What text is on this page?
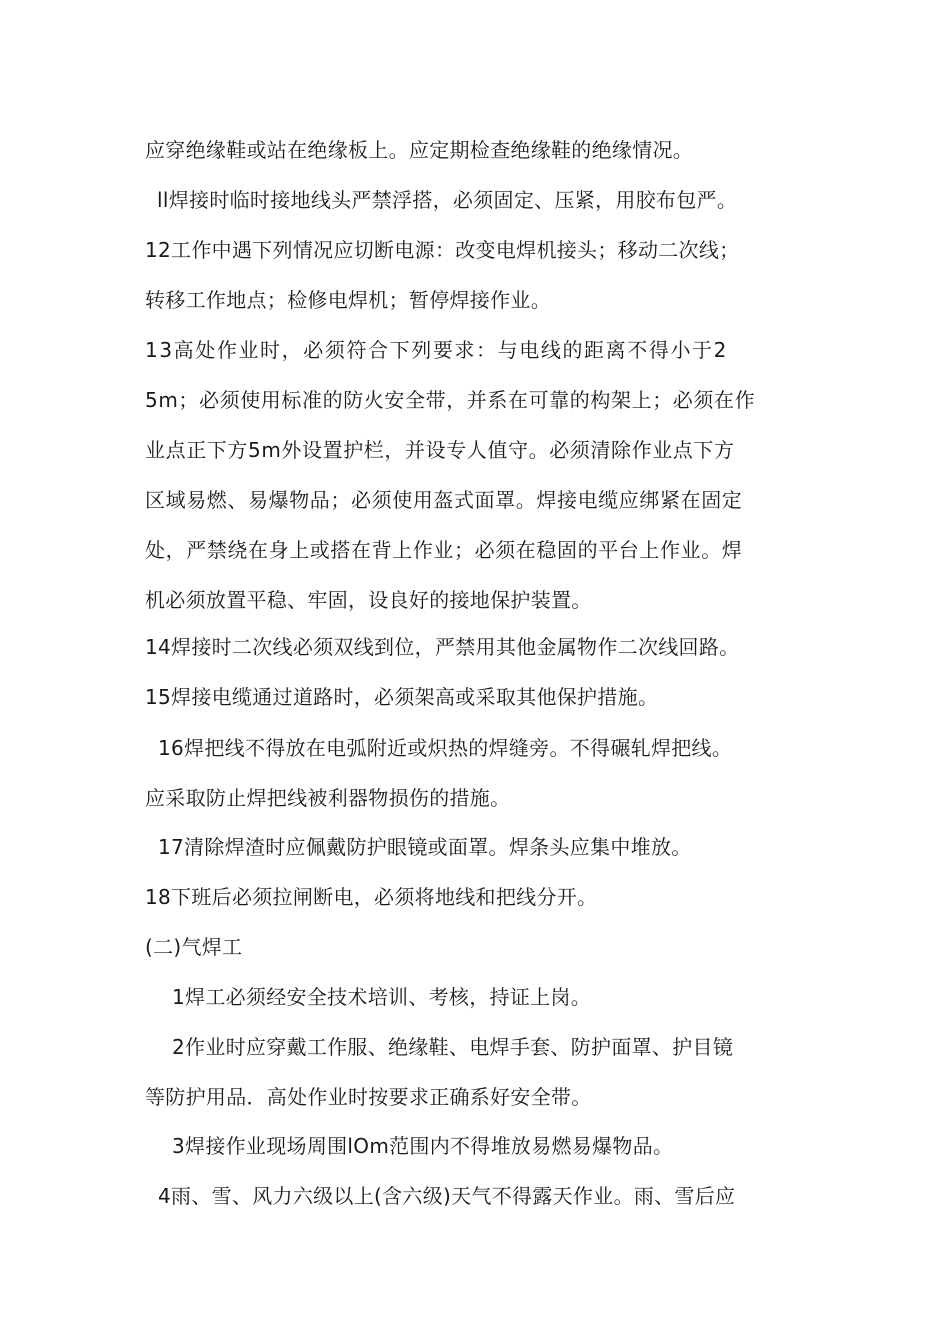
应穿绝缘鞋或站在绝缘板上。应定期检查绝缘鞋的绝缘情况。
ll焊接时临时接地线头严禁浮搭，必须固定、压紧，用胶布包严。
12工作中遇下列情况应切断电源：改变电焊机接头；移动二次线；
转移工作地点；检修电焊机；暂停焊接作业。
13高处作业时，必须符合下列要求：与电线的距离不得小于2
5m；必须使用标准的防火安全带，并系在可靠的构架上；必须在作
业点正下方5m外设置护栏，并设专人值守。必须清除作业点下方
区域易燃、易爆物品；必须使用盔式面罩。焊接电缆应绑紧在固定
处，严禁绕在身上或搭在背上作业；必须在稳固的平台上作业。焊
机必须放置平稳、牢固，设良好的接地保护装置。
14焊接时二次线必须双线到位，严禁用其他金属物作二次线回路。
15焊接电缆通过道路时，必须架高或采取其他保护措施。
16焊把线不得放在电弧附近或炽热的焊缝旁。不得碾轧焊把线。
应采取防止焊把线被利器物损伤的措施。
17清除焊渣时应佩戴防护眼镜或面罩。焊条头应集中堆放。
18下班后必须拉闸断电，必须将地线和把线分开。
(二)气焊工
1焊工必须经安全技术培训、考核，持证上岗。
2作业时应穿戴工作服、绝缘鞋、电焊手套、防护面罩、护目镜
等防护用品．高处作业时按要求正确系好安全带。
3焊接作业现场周围lOm范围内不得堆放易燃易爆物品。
4雨、雪、风力六级以上(含六级)天气不得露天作业。雨、雪后应
